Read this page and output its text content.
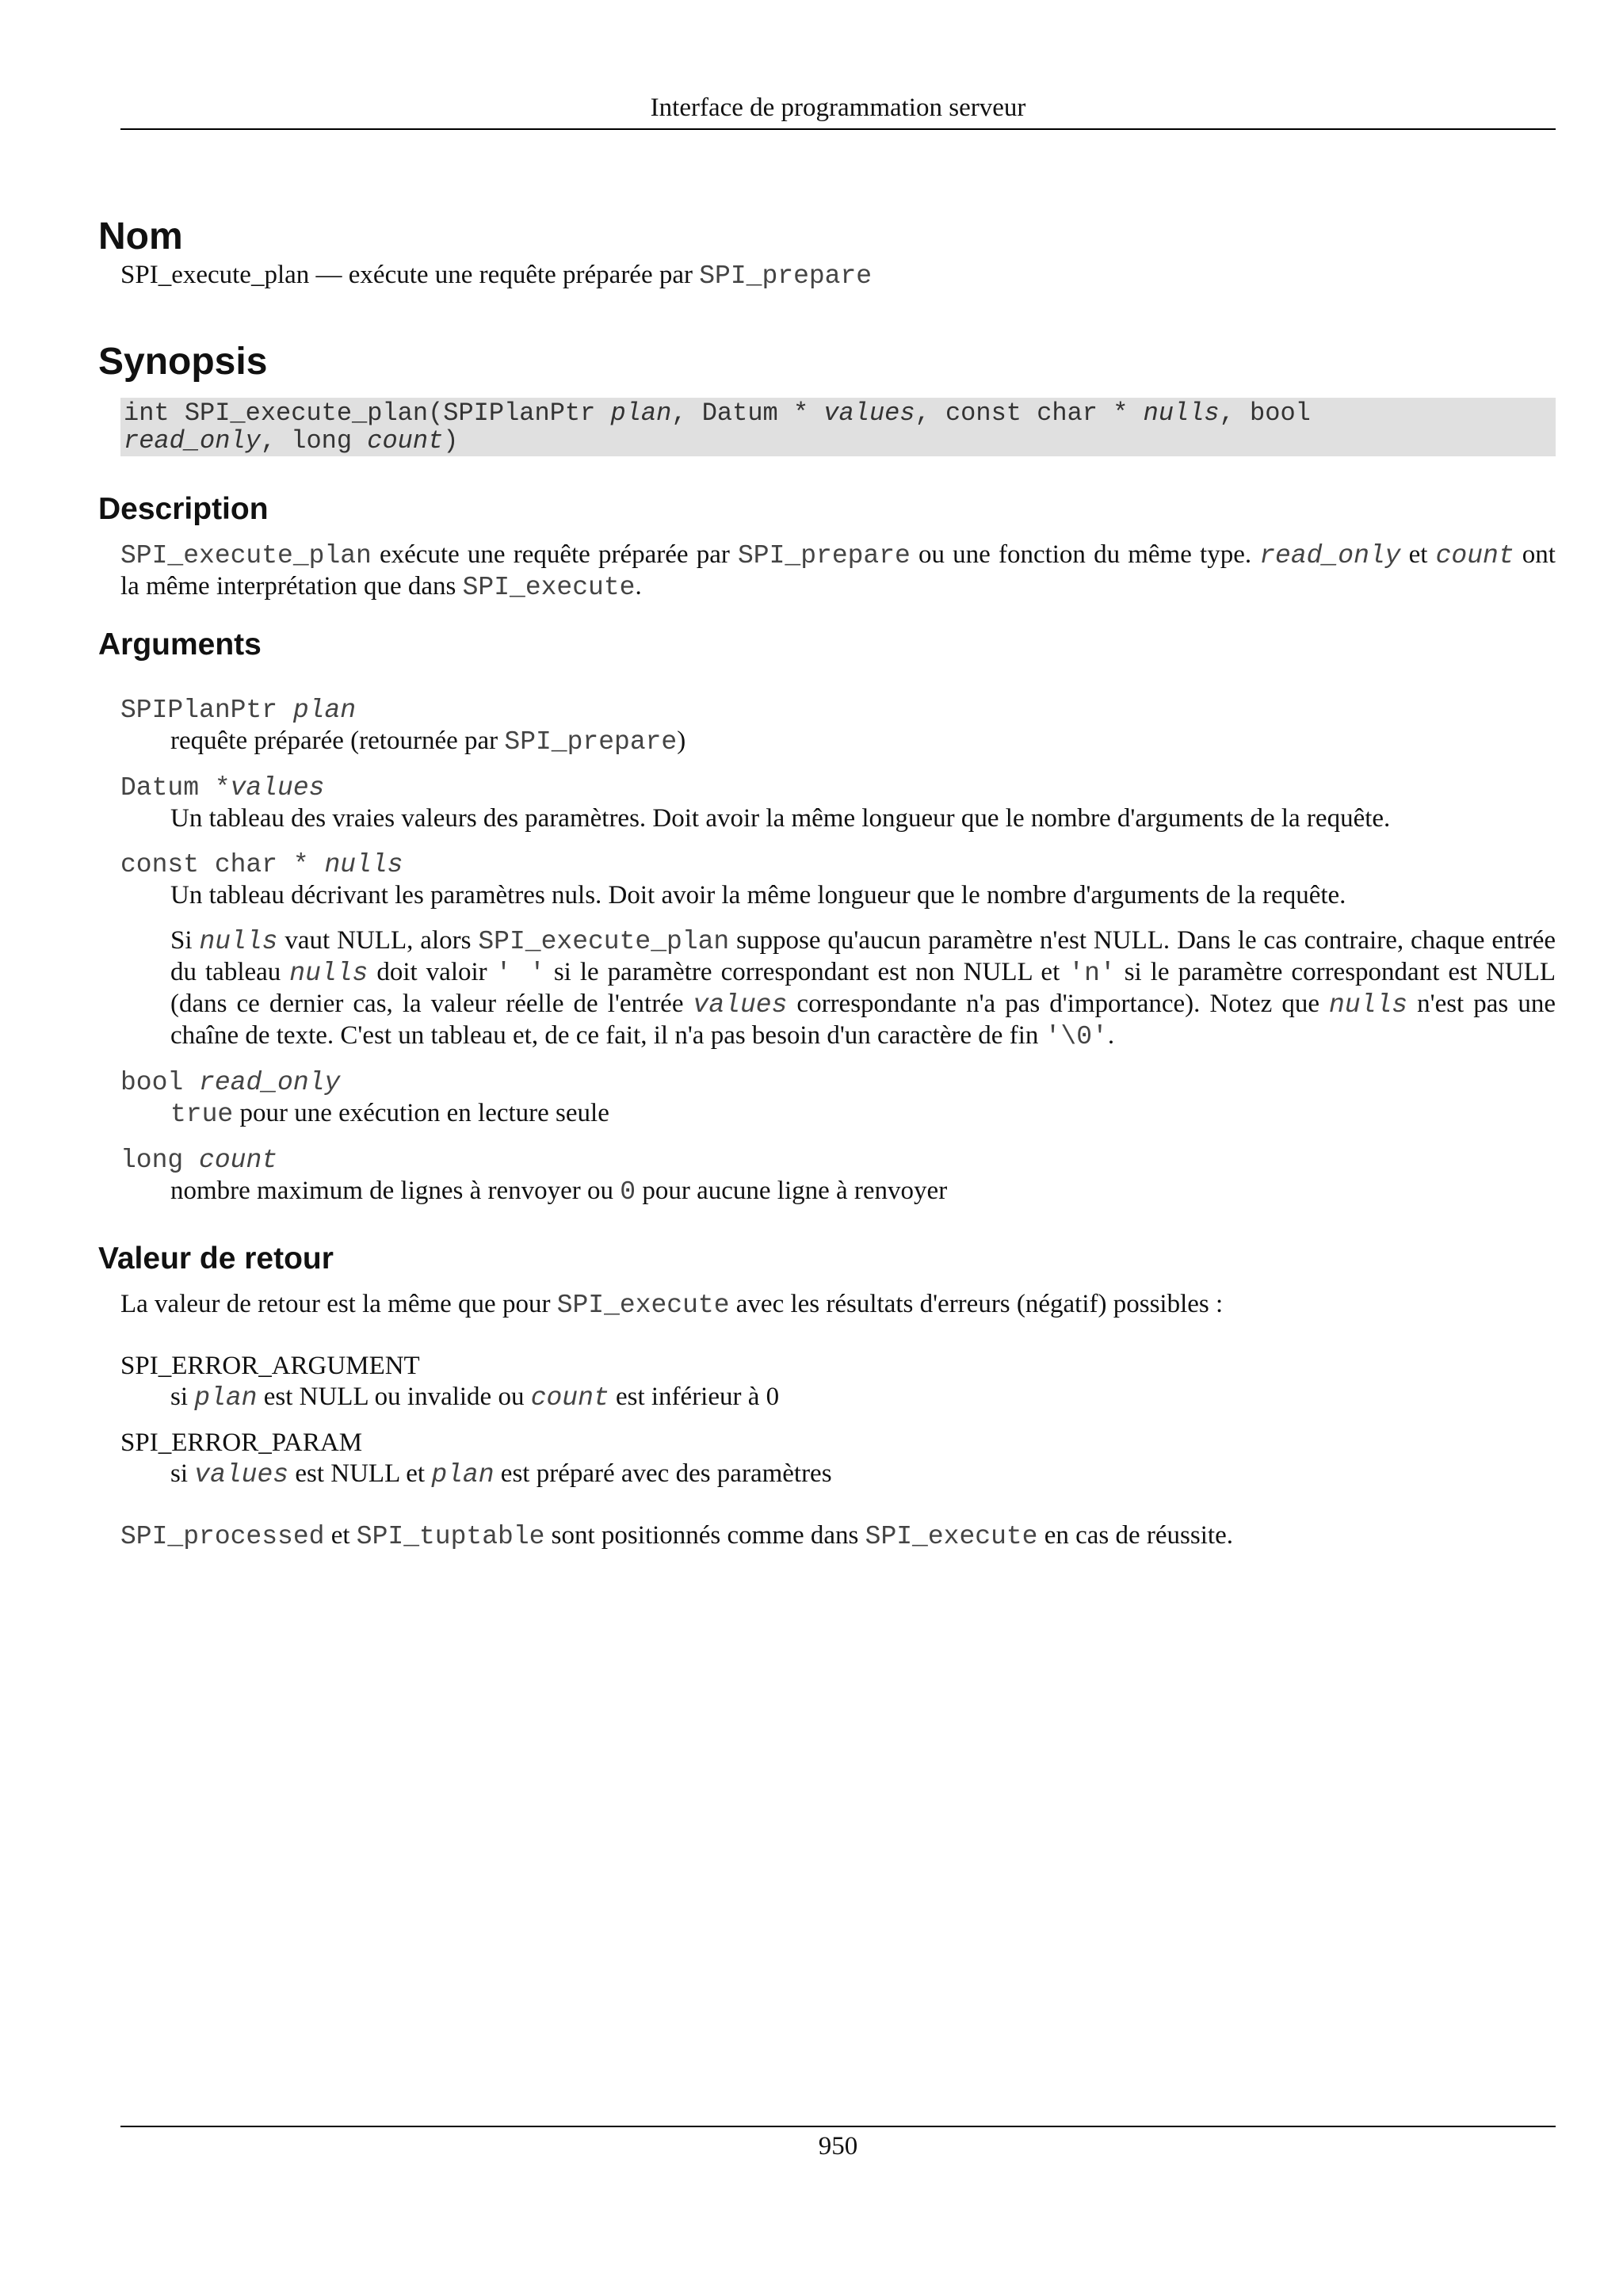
Interface de programmation serveur
Nom
SPI_execute_plan — exécute une requête préparée par SPI_prepare
Synopsis
int SPI_execute_plan(SPIPlanPtr plan, Datum * values, const char * nulls, bool
read_only, long count)
Description
SPI_execute_plan exécute une requête préparée par SPI_prepare ou une fonction du même type. read_only et count ont la même interprétation que dans SPI_execute.
Arguments
SPIPlanPtr plan
requête préparée (retournée par SPI_prepare)
Datum *values
Un tableau des vraies valeurs des paramètres. Doit avoir la même longueur que le nombre d'arguments de la requête.
const char * nulls
Un tableau décrivant les paramètres nuls. Doit avoir la même longueur que le nombre d'arguments de la requête.
Si nulls vaut NULL, alors SPI_execute_plan suppose qu'aucun paramètre n'est NULL. Dans le cas contraire, chaque entrée du tableau nulls doit valoir ' ' si le paramètre correspondant est non NULL et 'n' si le paramètre correspondant est NULL (dans ce dernier cas, la valeur réelle de l'entrée values correspondante n'a pas d'importance). Notez que nulls n'est pas une chaîne de texte. C'est un tableau et, de ce fait, il n'a pas besoin d'un caractère de fin '\0'.
bool read_only
true pour une exécution en lecture seule
long count
nombre maximum de lignes à renvoyer ou 0 pour aucune ligne à renvoyer
Valeur de retour
La valeur de retour est la même que pour SPI_execute avec les résultats d'erreurs (négatif) possibles :
SPI_ERROR_ARGUMENT
si plan est NULL ou invalide ou count est inférieur à 0
SPI_ERROR_PARAM
si values est NULL et plan est préparé avec des paramètres
SPI_processed et SPI_tuptable sont positionnés comme dans SPI_execute en cas de réussite.
950
